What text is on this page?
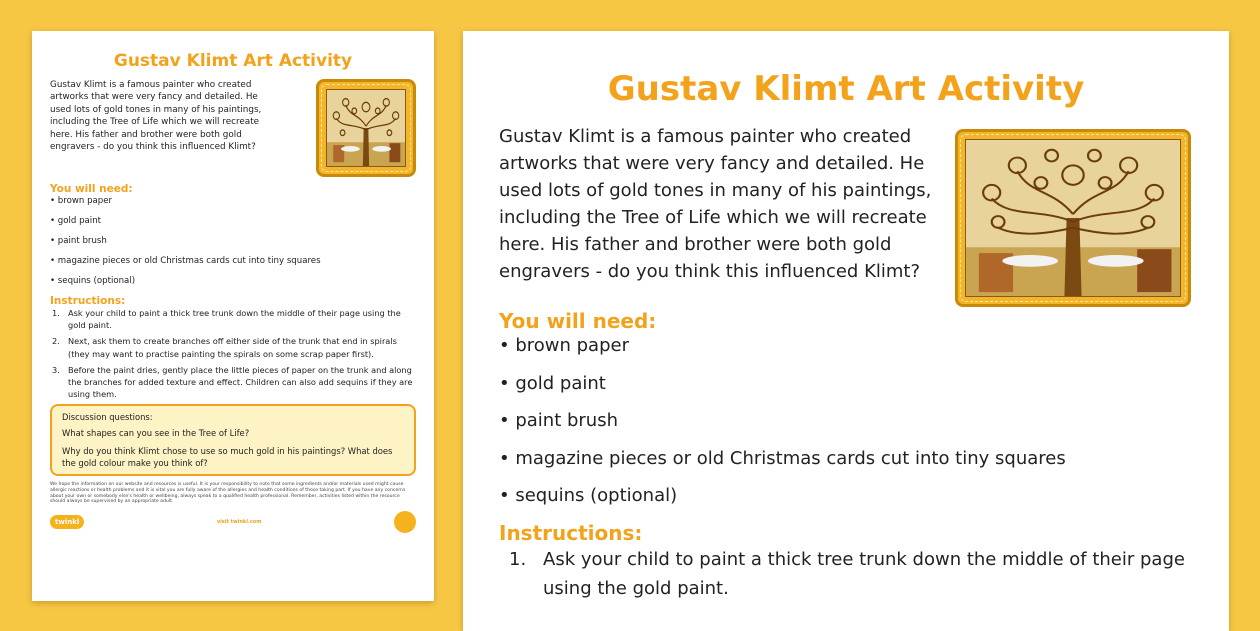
Gustav Klimt Art Activity
Gustav Klimt is a famous painter who created artworks that were very fancy and detailed. He used lots of gold tones in many of his paintings, including the Tree of Life which we will recreate here. His father and brother were both gold engravers - do you think this influenced Klimt?
You will need:
• brown paper
• gold paint
• paint brush
• magazine pieces or old Christmas cards cut into tiny squares
• sequins (optional)
Instructions:
1. Ask your child to paint a thick tree trunk down the middle of their page using the gold paint.
2. Next, ask them to create branches off either side of the trunk that end in spirals (they may want to practise painting the spirals on some scrap paper first).
3. Before the paint dries, gently place the little pieces of paper on the trunk and along the branches for added texture and effect. Children can also add sequins if they are using them.
Discussion questions:
What shapes can you see in the Tree of Life?
Why do you think Klimt chose to use so much gold in his paintings? What does the gold colour make you think of?
We hope the information on our website and resources is useful. It is your responsibility to note that some ingredients and/or materials used might cause allergic reactions or health problems and it is vital you are fully aware of the allergies and health conditions of those taking part. If you have any concerns about your own or somebody else's health or wellbeing, always speak to a qualified health professional. Remember, activities listed within the resource should always be supervised by an appropriate adult.
twinkl	visit twinkl.com
Gustav Klimt Art Activity
Gustav Klimt is a famous painter who created artworks that were very fancy and detailed. He used lots of gold tones in many of his paintings, including the Tree of Life which we will recreate here. His father and brother were both gold engravers - do you think this influenced Klimt?
You will need:
• brown paper
• gold paint
• paint brush
• magazine pieces or old Christmas cards cut into tiny squares
• sequins (optional)
Instructions:
1. Ask your child to paint a thick tree trunk down the middle of their page using the gold paint.
